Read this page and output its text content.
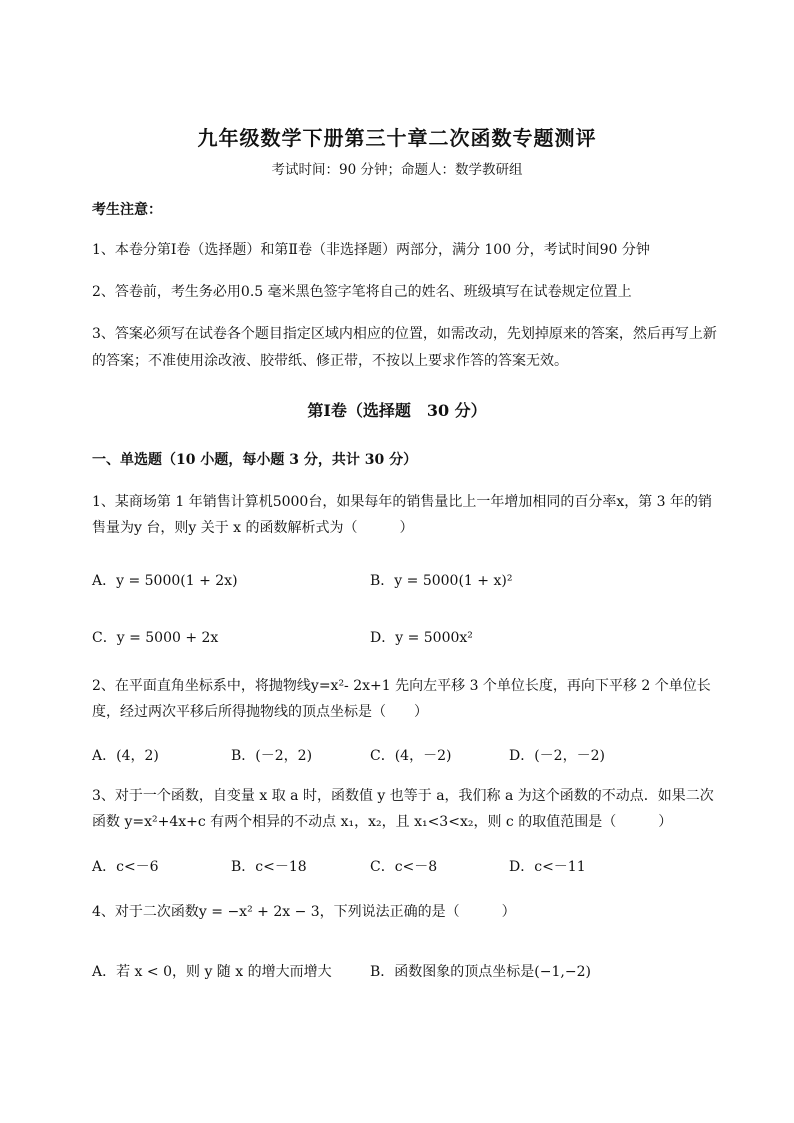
九年级数学下册第三十章二次函数专题测评
考试时间：90 分钟；命题人：数学教研组
考生注意：
1、本卷分第Ⅰ卷（选择题）和第Ⅱ卷（非选择题）两部分，满分 100 分，考试时间90 分钟
2、答卷前，考生务必用0.5 毫米黑色签字笔将自己的姓名、班级填写在试卷规定位置上
3、答案必须写在试卷各个题目指定区域内相应的位置，如需改动，先划掉原来的答案，然后再写上新
的答案；不准使用涂改液、胶带纸、修正带，不按以上要求作答的答案无效。
第Ⅰ卷（选择题　30 分）
一、单选题（10 小题，每小题 3 分，共计 30 分）
1、某商场第 1 年销售计算机5000台，如果每年的销售量比上一年增加相同的百分率x，第 3 年的销
售量为y 台，则y 关于 x 的函数解析式为（　　　）
A．y = 5000(1 + 2x)	B．y = 5000(1 + x)²
C．y = 5000 + 2x	D．y = 5000x²
2、在平面直角坐标系中，将抛物线y=x²- 2x+1 先向左平移 3 个单位长度，再向下平移 2 个单位长
度，经过两次平移后所得抛物线的顶点坐标是（　　）
A．(4，2)	B．(－2，2)	C．(4，－2)	D．(－2，－2)
3、对于一个函数，自变量 x 取 a 时，函数值 y 也等于 a，我们称 a 为这个函数的不动点．如果二次
函数 y=x²+4x+c 有两个相异的不动点 x₁，x₂，且 x₁<3<x₂，则 c 的取值范围是（　　　）
A．c<－6	B．c<－18	C．c<－8	D．c<－11
4、对于二次函数y = −x² + 2x − 3，下列说法正确的是（　　　）
A．若 x < 0，则 y 随 x 的增大而增大	B．函数图象的顶点坐标是(−1,−2)
